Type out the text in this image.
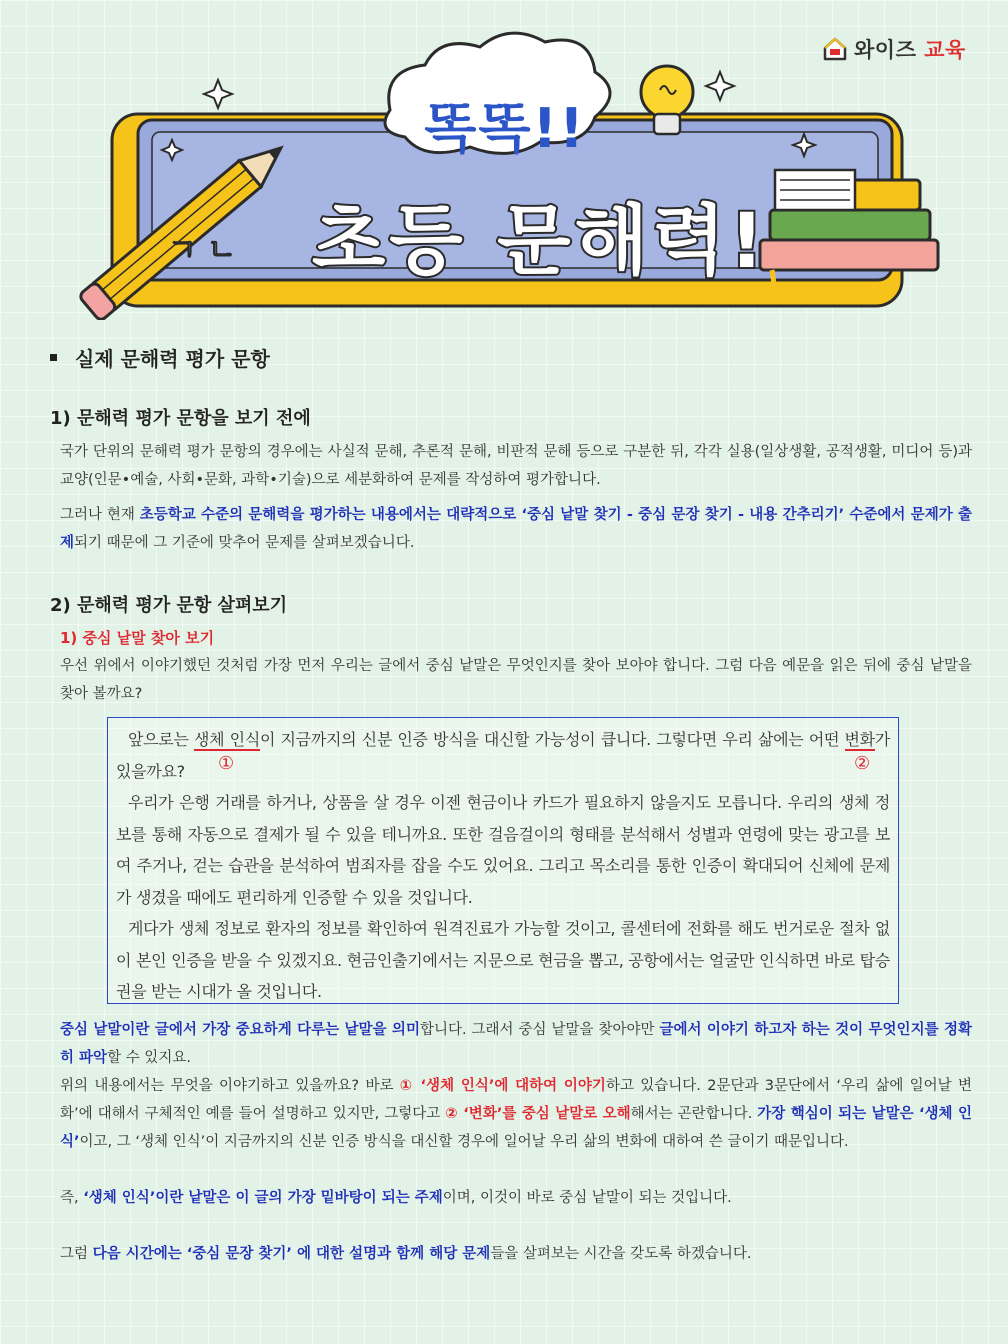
와이즈 교육
ㄱ ㄴ
똑똑!!
초등 문해력!
실제 문해력 평가 문항
1) 문해력 평가 문항을 보기 전에
국가 단위의 문해력 평가 문항의 경우에는 사실적 문해, 추론적 문해, 비판적 문해 등으로 구분한 뒤, 각각 실용(일상생활, 공적생활, 미디어 등)과 교양(인문•예술, 사회•문화, 과학•기술)으로 세분화하여 문제를 작성하여 평가합니다.
그러나 현재 초등학교 수준의 문해력을 평가하는 내용에서는 대략적으로 ‘중심 낱말 찾기 - 중심 문장 찾기 - 내용 간추리기’ 수준에서 문제가 출제되기 때문에 그 기준에 맞추어 문제를 살펴보겠습니다.
2) 문해력 평가 문항 살펴보기
1) 중심 낱말 찾아 보기
우선 위에서 이야기했던 것처럼 가장 먼저 우리는 글에서 중심 낱말은 무엇인지를 찾아 보아야 합니다. 그럼 다음 예문을 읽은 뒤에 중심 낱말을 찾아 볼까요?

앞으로는 생체 인식이 지금까지의 신분 인증 방식을 대신할 가능성이 큽니다. 그렇다면 우리 삶에는 어떤 변화가 있을까요?

우리가 은행 거래를 하거나, 상품을 살 경우 이젠 현금이나 카드가 필요하지 않을지도 모릅니다. 우리의 생체 정보를 통해 자동으로 결제가 될 수 있을 테니까요. 또한 걸음걸이의 형태를 분석해서 성별과 연령에 맞는 광고를 보여 주거나, 걷는 습관을 분석하여 범죄자를 잡을 수도 있어요. 그리고 목소리를 통한 인증이 확대되어 신체에 문제가 생겼을 때에도 편리하게 인증할 수 있을 것입니다.

게다가 생체 정보로 환자의 정보를 확인하여 원격진료가 가능할 것이고, 콜센터에 전화를 해도 번거로운 절차 없이 본인 인증을 받을 수 있겠지요. 현금인출기에서는 지문으로 현금을 뽑고, 공항에서는 얼굴만 인식하면 바로 탑승권을 받는 시대가 올 것입니다.

①	②
중심 낱말이란 글에서 가장 중요하게 다루는 낱말을 의미합니다. 그래서 중심 낱말을 찾아야만 글에서 이야기 하고자 하는 것이 무엇인지를 정확히 파악할 수 있지요.
위의 내용에서는 무엇을 이야기하고 있을까요? 바로 ① ‘생체 인식’에 대하여 이야기하고 있습니다. 2문단과 3문단에서 ‘우리 삶에 일어날 변화’에 대해서 구체적인 예를 들어 설명하고 있지만, 그렇다고 ② ‘변화’를 중심 낱말로 오해해서는 곤란합니다. 가장 핵심이 되는 낱말은 ‘생체 인식’이고, 그 ‘생체 인식’이 지금까지의 신분 인증 방식을 대신할 경우에 일어날 우리 삶의 변화에 대하여 쓴 글이기 때문입니다.
즉, ‘생체 인식’이란 낱말은 이 글의 가장 밑바탕이 되는 주제이며, 이것이 바로 중심 낱말이 되는 것입니다.
그럼 다음 시간에는 ‘중심 문장 찾기’ 에 대한 설명과 함께 해당 문제들을 살펴보는 시간을 갖도록 하겠습니다.
